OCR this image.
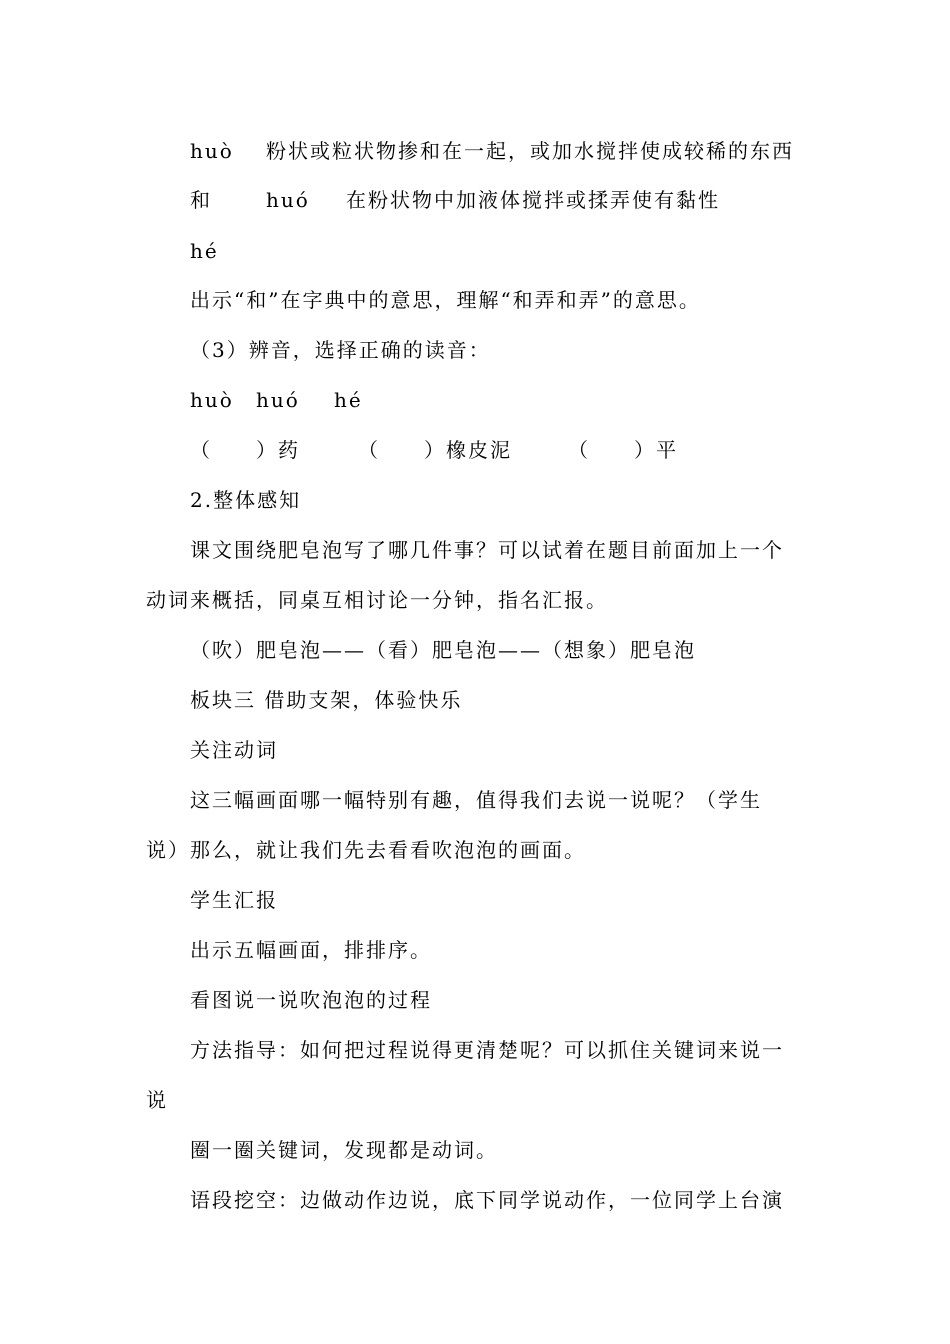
huò 粉状或粒状物掺和在一起，或加水搅拌使成较稀的东西
和	huó 在粉状物中加液体搅拌或揉弄使有黏性
hé
出示“和”在字典中的意思，理解“和弄和弄”的意思。
（3）辨音，选择正确的读音：
huò huó hé
（　　）药	（　　）橡皮泥	（　　）平
2.整体感知
课文围绕肥皂泡写了哪几件事？可以试着在题目前面加上一个
动词来概括，同桌互相讨论一分钟，指名汇报。
（吹）肥皂泡——（看）肥皂泡——（想象）肥皂泡
板块三 借助支架，体验快乐
关注动词
这三幅画面哪一幅特别有趣，值得我们去说一说呢？（学生
说）那么，就让我们先去看看吹泡泡的画面。
学生汇报
出示五幅画面，排排序。
看图说一说吹泡泡的过程
方法指导：如何把过程说得更清楚呢？可以抓住关键词来说一
说
圈一圈关键词，发现都是动词。
语段挖空：边做动作边说，底下同学说动作，一位同学上台演
